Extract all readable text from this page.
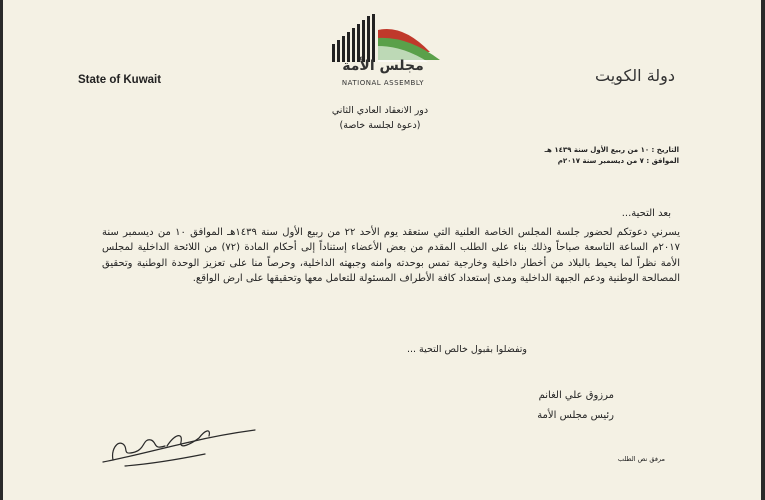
مجلس الأمة
NATIONAL ASSEMBLY
State of Kuwait	دولة الكويت
دور الانعقاد العادي الثاني
(دعوة لجلسة خاصة)
التاريخ : ١٠ من ربيع الأول سنة ١٤٣٩ هـ
الموافق : ٧ من ديسمبر سنة ٢٠١٧م
بعد التحية...
يسرني دعوتكم لحضور جلسة المجلس الخاصة العلنية التي ستعقد يوم الأحد ٢٢ من ربيع الأول سنة ١٤٣٩هـ الموافق ١٠ من ديسمبر سنة ٢٠١٧م الساعة التاسعة صباحاً وذلك بناء على الطلب المقدم من بعض الأعضاء إستناداً إلى أحكام المادة (٧٢) من اللائحة الداخلية لمجلس الأمة نظراً لما يحيط بالبلاد من أخطار داخلية وخارجية تمس بوحدته وامنه وجبهته الداخلية، وحرصاً منا على تعزيز الوحدة الوطنية وتحقيق المصالحة الوطنية ودعم الجبهة الداخلية ومدى إستعداد كافة الأطراف المسئولة للتعامل معها وتحقيقها على ارض الواقع.
وتفضلوا بقبول خالص التحية ...
مرزوق علي الغانم
رئيس مجلس الأمة
مرفق نص الطلب
